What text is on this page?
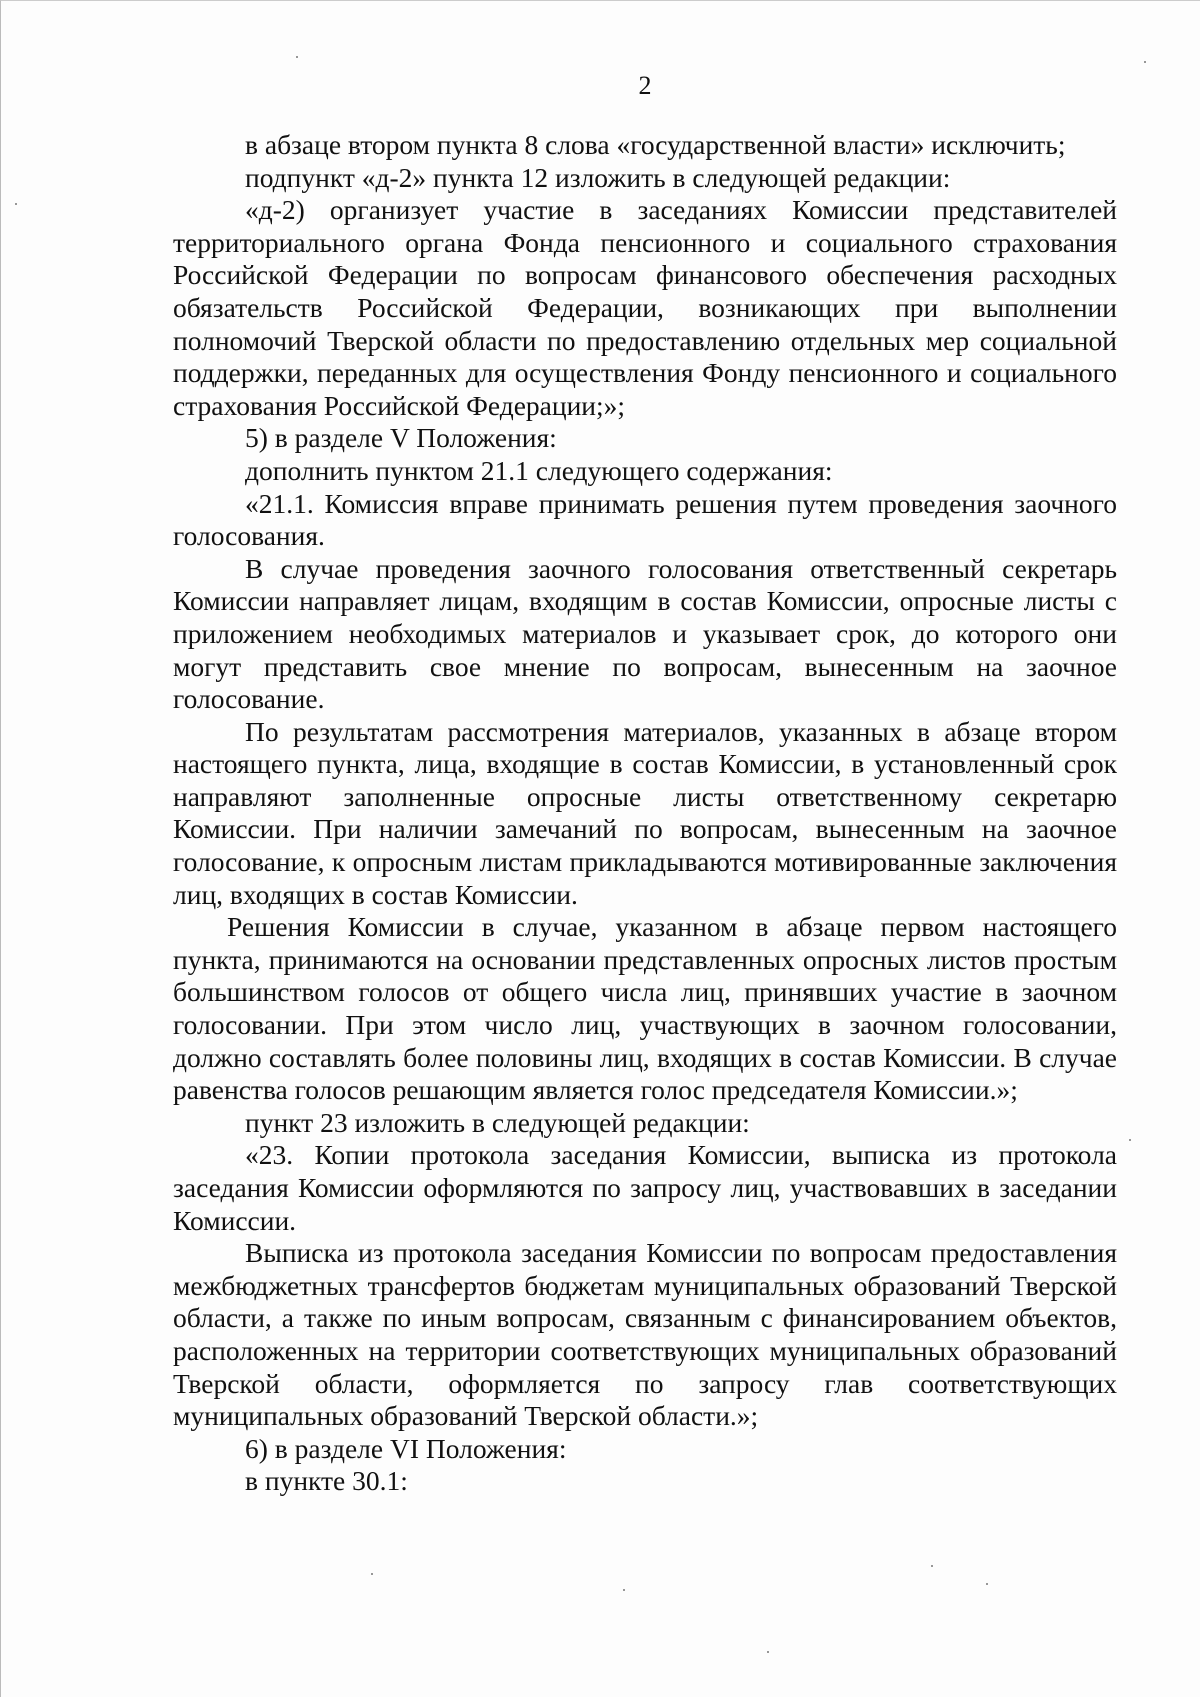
2

в абзаце втором пункта 8 слова «государственной власти» исключить;

подпункт «д-2» пункта 12 изложить в следующей редакции:

«д-2) организует участие в заседаниях Комиссии представителей территориального органа Фонда пенсионного и социального страхования Российской Федерации по вопросам финансового обеспечения расходных обязательств Российской Федерации, возникающих при выполнении полномочий Тверской области по предоставлению отдельных мер социальной поддержки, переданных для осуществления Фонду пенсионного и социального страхования Российской Федерации;»;

5) в разделе V Положения:

дополнить пунктом 21.1 следующего содержания:

«21.1. Комиссия вправе принимать решения путем проведения заочного голосования.

В случае проведения заочного голосования ответственный секретарь Комиссии направляет лицам, входящим в состав Комиссии, опросные листы с приложением необходимых материалов и указывает срок, до которого они могут представить свое мнение по вопросам, вынесенным на заочное голосование.

По результатам рассмотрения материалов, указанных в абзаце втором настоящего пункта, лица, входящие в состав Комиссии, в установленный срок направляют заполненные опросные листы ответственному секретарю Комиссии. При наличии замечаний по вопросам, вынесенным на заочное голосование, к опросным листам прикладываются мотивированные заключения лиц, входящих в состав Комиссии.

Решения Комиссии в случае, указанном в абзаце первом настоящего пункта, принимаются на основании представленных опросных листов простым большинством голосов от общего числа лиц, принявших участие в заочном голосовании. При этом число лиц, участвующих в заочном голосовании, должно составлять более половины лиц, входящих в состав Комиссии. В случае равенства голосов решающим является голос председателя Комиссии.»;

пункт 23 изложить в следующей редакции:

«23. Копии протокола заседания Комиссии, выписка из протокола заседания Комиссии оформляются по запросу лиц, участвовавших в заседании Комиссии.

Выписка из протокола заседания Комиссии по вопросам предоставления межбюджетных трансфертов бюджетам муниципальных образований Тверской области, а также по иным вопросам, связанным с финансированием объектов, расположенных на территории соответствующих муниципальных образований Тверской области, оформляется по запросу глав соответствующих муниципальных образований Тверской области.»;

6) в разделе VI Положения:

в пункте 30.1:
